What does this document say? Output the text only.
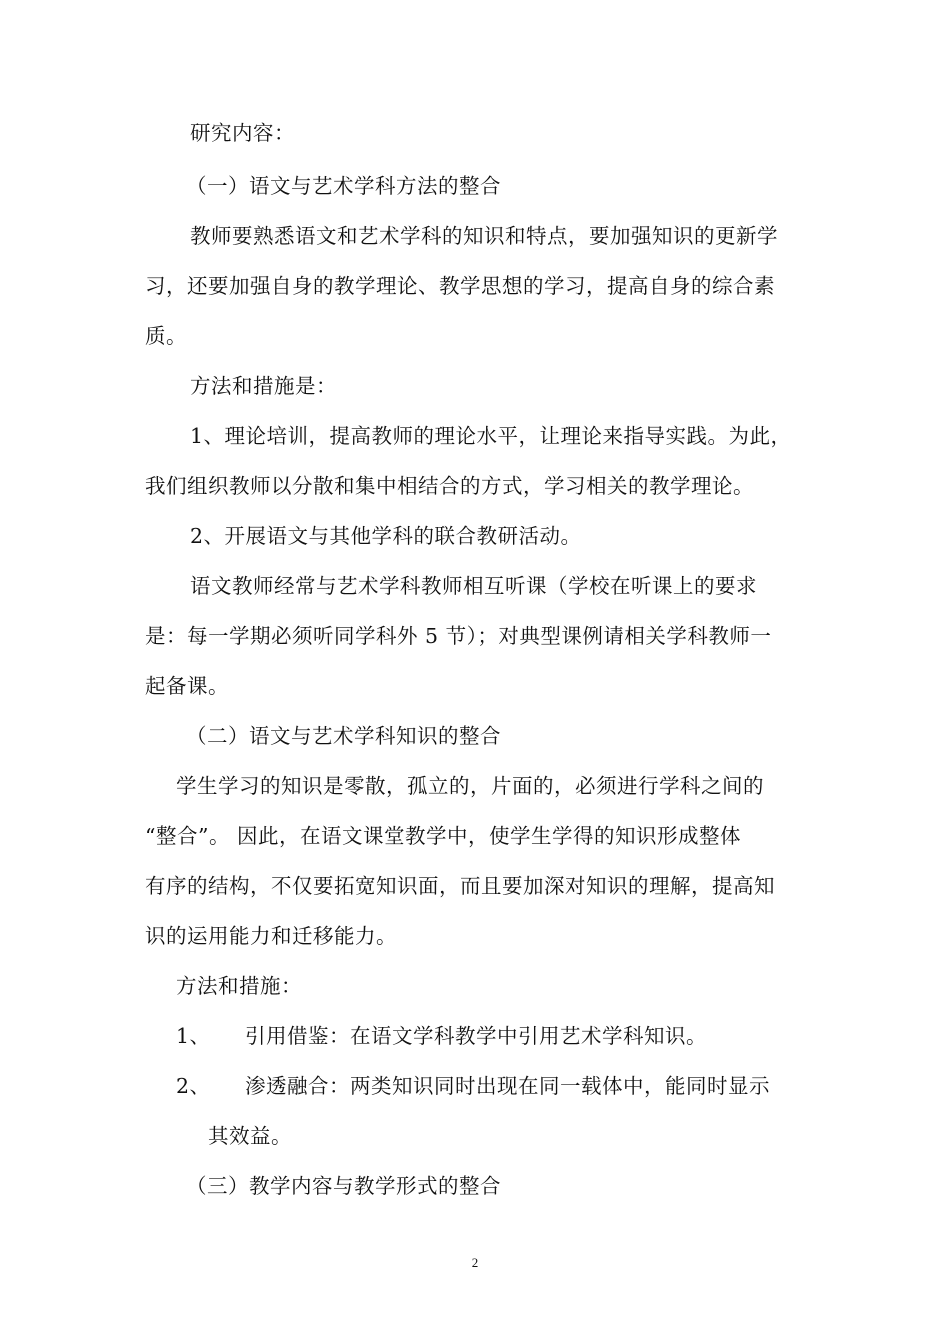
研究内容：
（一）语文与艺术学科方法的整合
教师要熟悉语文和艺术学科的知识和特点，要加强知识的更新学
习，还要加强自身的教学理论、教学思想的学习，提高自身的综合素
质。
方法和措施是：
1、理论培训，提高教师的理论水平，让理论来指导实践。为此，
我们组织教师以分散和集中相结合的方式，学习相关的教学理论。
2、开展语文与其他学科的联合教研活动。
语文教师经常与艺术学科教师相互听课（学校在听课上的要求
是：每一学期必须听同学科外 5 节）；对典型课例请相关学科教师一
起备课。
（二）语文与艺术学科知识的整合
学生学习的知识是零散，孤立的，片面的，必须进行学科之间的
“整合”。 因此，在语文课堂教学中，使学生学得的知识形成整体
有序的结构，不仅要拓宽知识面，而且要加深对知识的理解，提高知
识的运用能力和迁移能力。
方法和措施：
1、 引用借鉴：在语文学科教学中引用艺术学科知识。
2、 渗透融合：两类知识同时出现在同一载体中，能同时显示
其效益。
（三）教学内容与教学形式的整合
2
